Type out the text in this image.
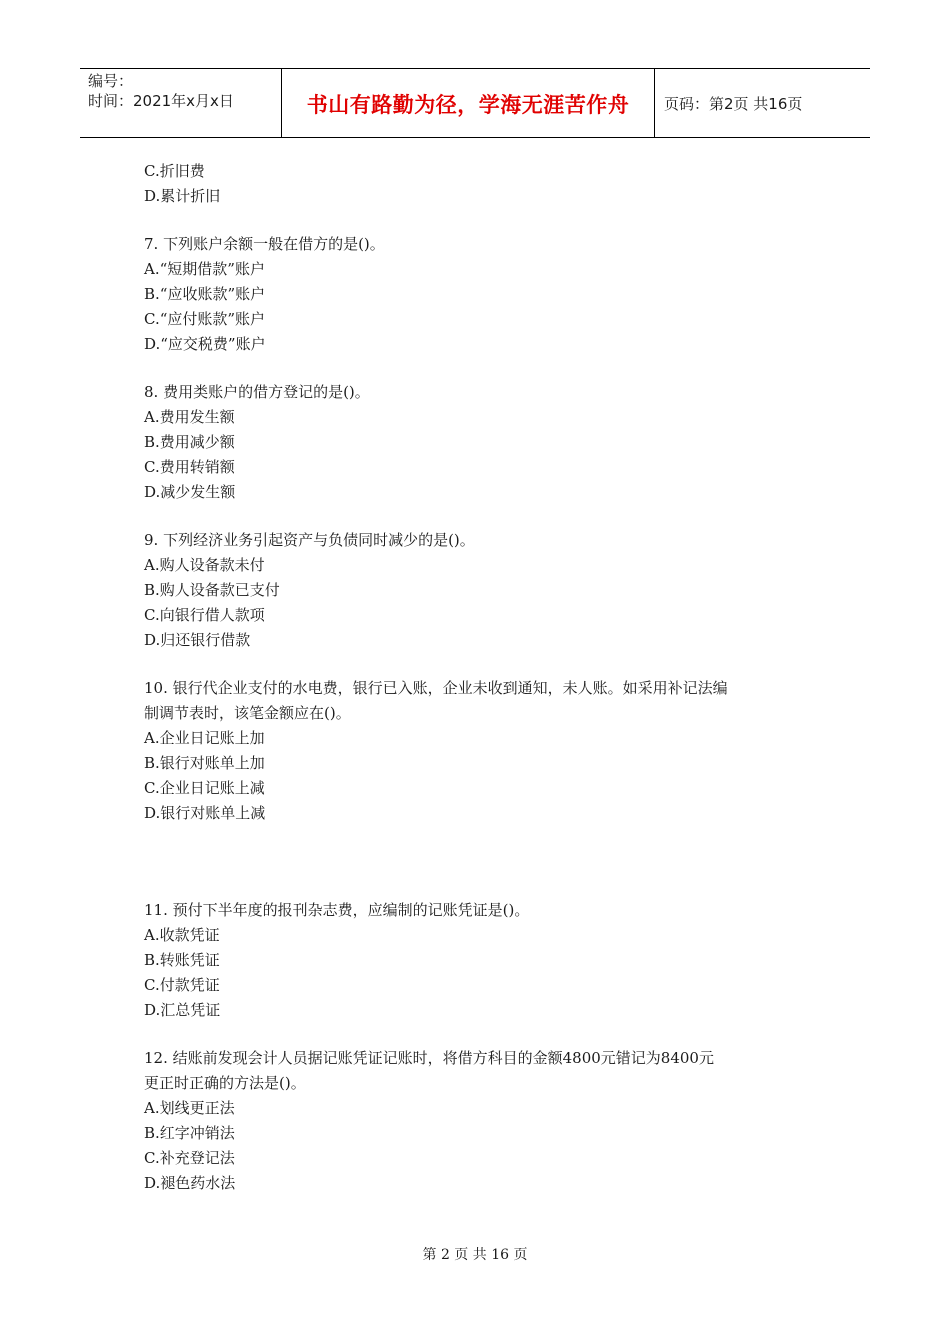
编号：
时间：2021年x月x日	书山有路勤为径，学海无涯苦作舟	页码：第2页 共16页
C.折旧费
D.累计折旧
7. 下列账户余额一般在借方的是()。
A.“短期借款”账户
B.“应收账款”账户
C.“应付账款”账户
D.“应交税费”账户
8. 费用类账户的借方登记的是()。
A.费用发生额
B.费用减少额
C.费用转销额
D.减少发生额
9. 下列经济业务引起资产与负债同时减少的是()。
A.购人设备款未付
B.购人设备款已支付
C.向银行借人款项
D.归还银行借款
10. 银行代企业支付的水电费，银行已入账，企业未收到通知，未人账。如采用补记法编
制调节表时，该笔金额应在()。
A.企业日记账上加
B.银行对账单上加
C.企业日记账上减
D.银行对账单上减
11. 预付下半年度的报刊杂志费，应编制的记账凭证是()。
A.收款凭证
B.转账凭证
C.付款凭证
D.汇总凭证
12. 结账前发现会计人员据记账凭证记账时，将借方科目的金额4800元错记为8400元
更正时正确的方法是()。
A.划线更正法
B.红字冲销法
C.补充登记法
D.褪色药水法
第 2 页 共 16 页
